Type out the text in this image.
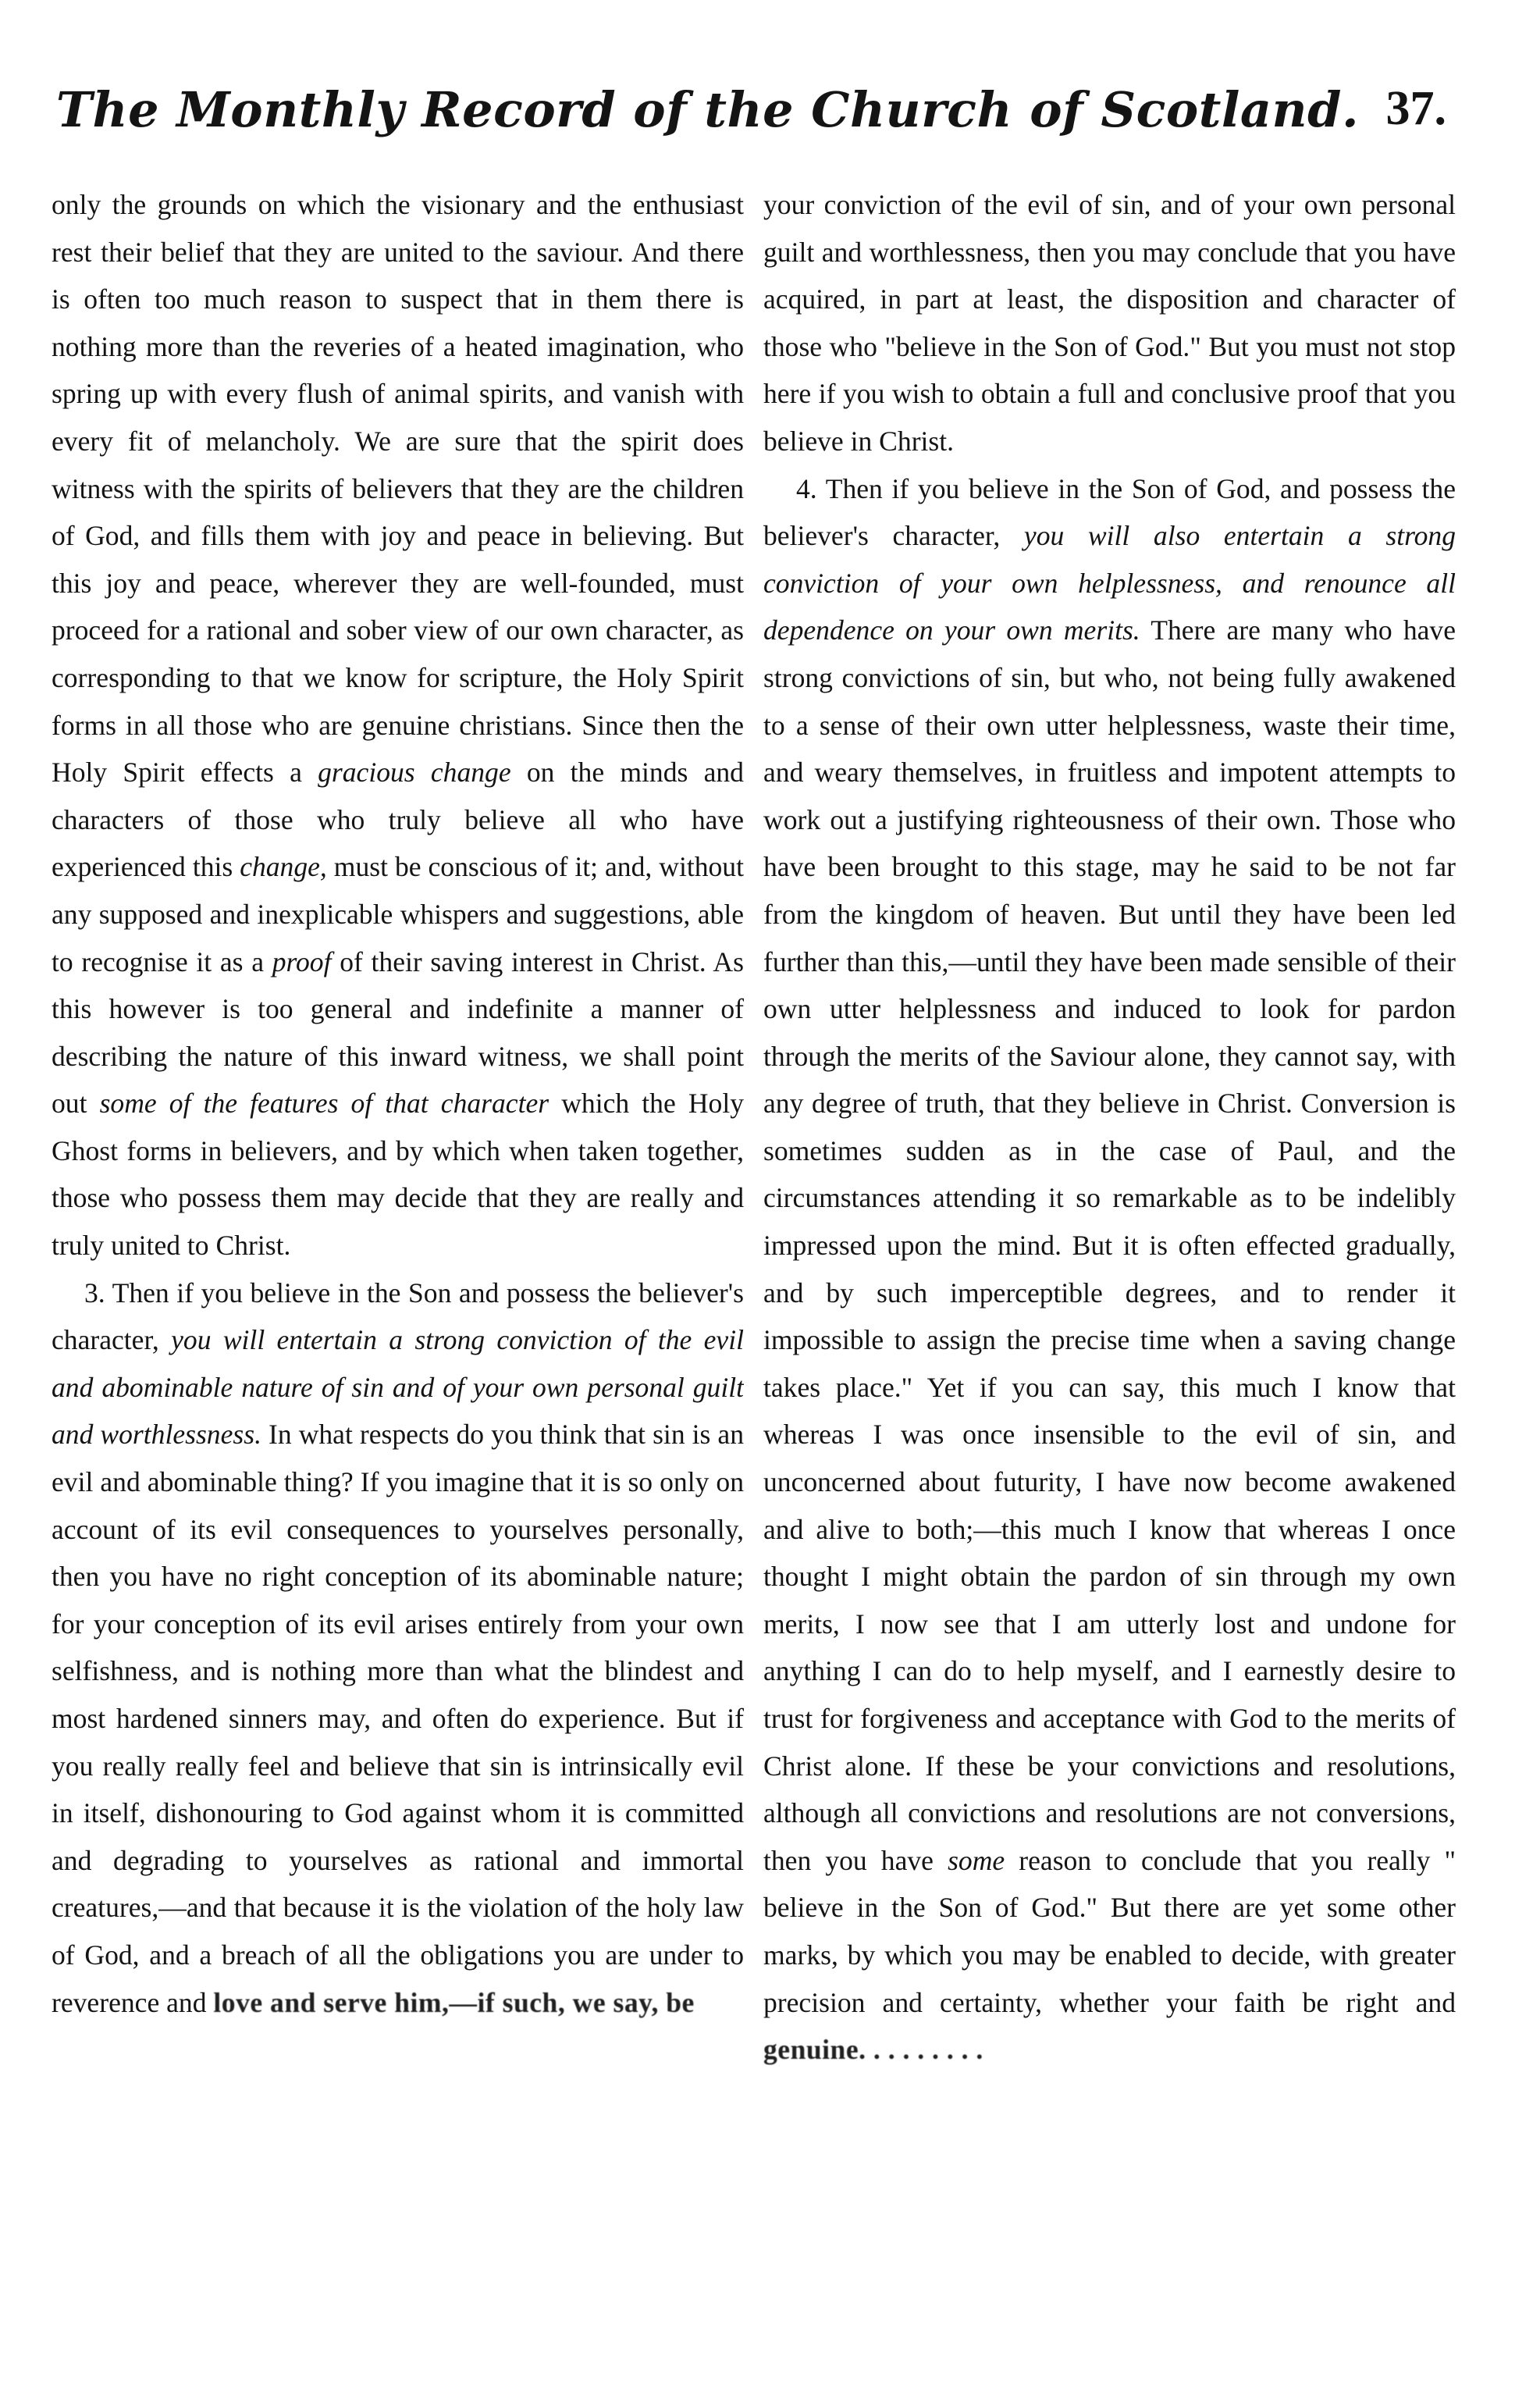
The Monthly Record of the Church of Scotland. 37.

only the grounds on which the visionary and the enthusiast rest their belief that they are united to the saviour. And there is often too much reason to suspect that in them there is nothing more than the reveries of a heated imagination, who spring up with every flush of animal spirits, and vanish with every fit of melancholy. We are sure that the spirit does witness with the spirits of believers that they are the children of God, and fills them with joy and peace in believing. But this joy and peace, wherever they are well-founded, must proceed for a rational and sober view of our own character, as corresponding to that we know for scripture, the Holy Spirit forms in all those who are genuine christians. Since then the Holy Spirit effects a gracious change on the minds and characters of those who truly believe all who have experienced this change, must be conscious of it; and, without any supposed and inexplicable whispers and suggestions, able to recognise it as a proof of their saving interest in Christ. As this however is too general and indefinite a manner of describing the nature of this inward witness, we shall point out some of the features of that character which the Holy Ghost forms in believers, and by which when taken together, those who possess them may decide that they are really and truly united to Christ.

3. Then if you believe in the Son and possess the believer's character, you will entertain a strong conviction of the evil and abominable nature of sin and of your own personal guilt and worthlessness. In what respects do you think that sin is an evil and abominable thing? If you imagine that it is so only on account of its evil consequences to yourselves personally, then you have no right conception of its abominable nature; for your conception of its evil arises entirely from your own selfishness, and is nothing more than what the blindest and most hardened sinners may, and often do experience. But if you really really feel and believe that sin is intrinsically evil in itself, dishonouring to God against whom it is committed and degrading to yourselves as rational and immortal creatures,—and that because it is the violation of the holy law of God, and a breach of all the obligations you are under to reverence and love and serve him,—if such, we say, be

your conviction of the evil of sin, and of your own personal guilt and worthlessness, then you may conclude that you have acquired, in part at least, the disposition and character of those who "believe in the Son of God." But you must not stop here if you wish to obtain a full and conclusive proof that you believe in Christ.

4. Then if you believe in the Son of God, and possess the believer's character, you will also entertain a strong conviction of your own helplessness, and renounce all dependence on your own merits. There are many who have strong convictions of sin, but who, not being fully awakened to a sense of their own utter helplessness, waste their time, and weary themselves, in fruitless and impotent attempts to work out a justifying righteousness of their own. Those who have been brought to this stage, may he said to be not far from the kingdom of heaven. But until they have been led further than this,—until they have been made sensible of their own utter helplessness and induced to look for pardon through the merits of the Saviour alone, they cannot say, with any degree of truth, that they believe in Christ. Conversion is sometimes sudden as in the case of Paul, and the circumstances attending it so remarkable as to be indelibly impressed upon the mind. But it is often effected gradually, and by such imperceptible degrees, and to render it impossible to assign the precise time when a saving change takes place." Yet if you can say, this much I know that whereas I was once insensible to the evil of sin, and unconcerned about futurity, I have now become awakened and alive to both;—this much I know that whereas I once thought I might obtain the pardon of sin through my own merits, I now see that I am utterly lost and undone for anything I can do to help myself, and I earnestly desire to trust for forgiveness and acceptance with God to the merits of Christ alone. If these be your convictions and resolutions, although all convictions and resolutions are not conversions, then you have some reason to conclude that you really " believe in the Son of God." But there are yet some other marks, by which you may be enabled to decide, with greater precision and certainty, whether your faith be right and genuine. . . . . . . . .
